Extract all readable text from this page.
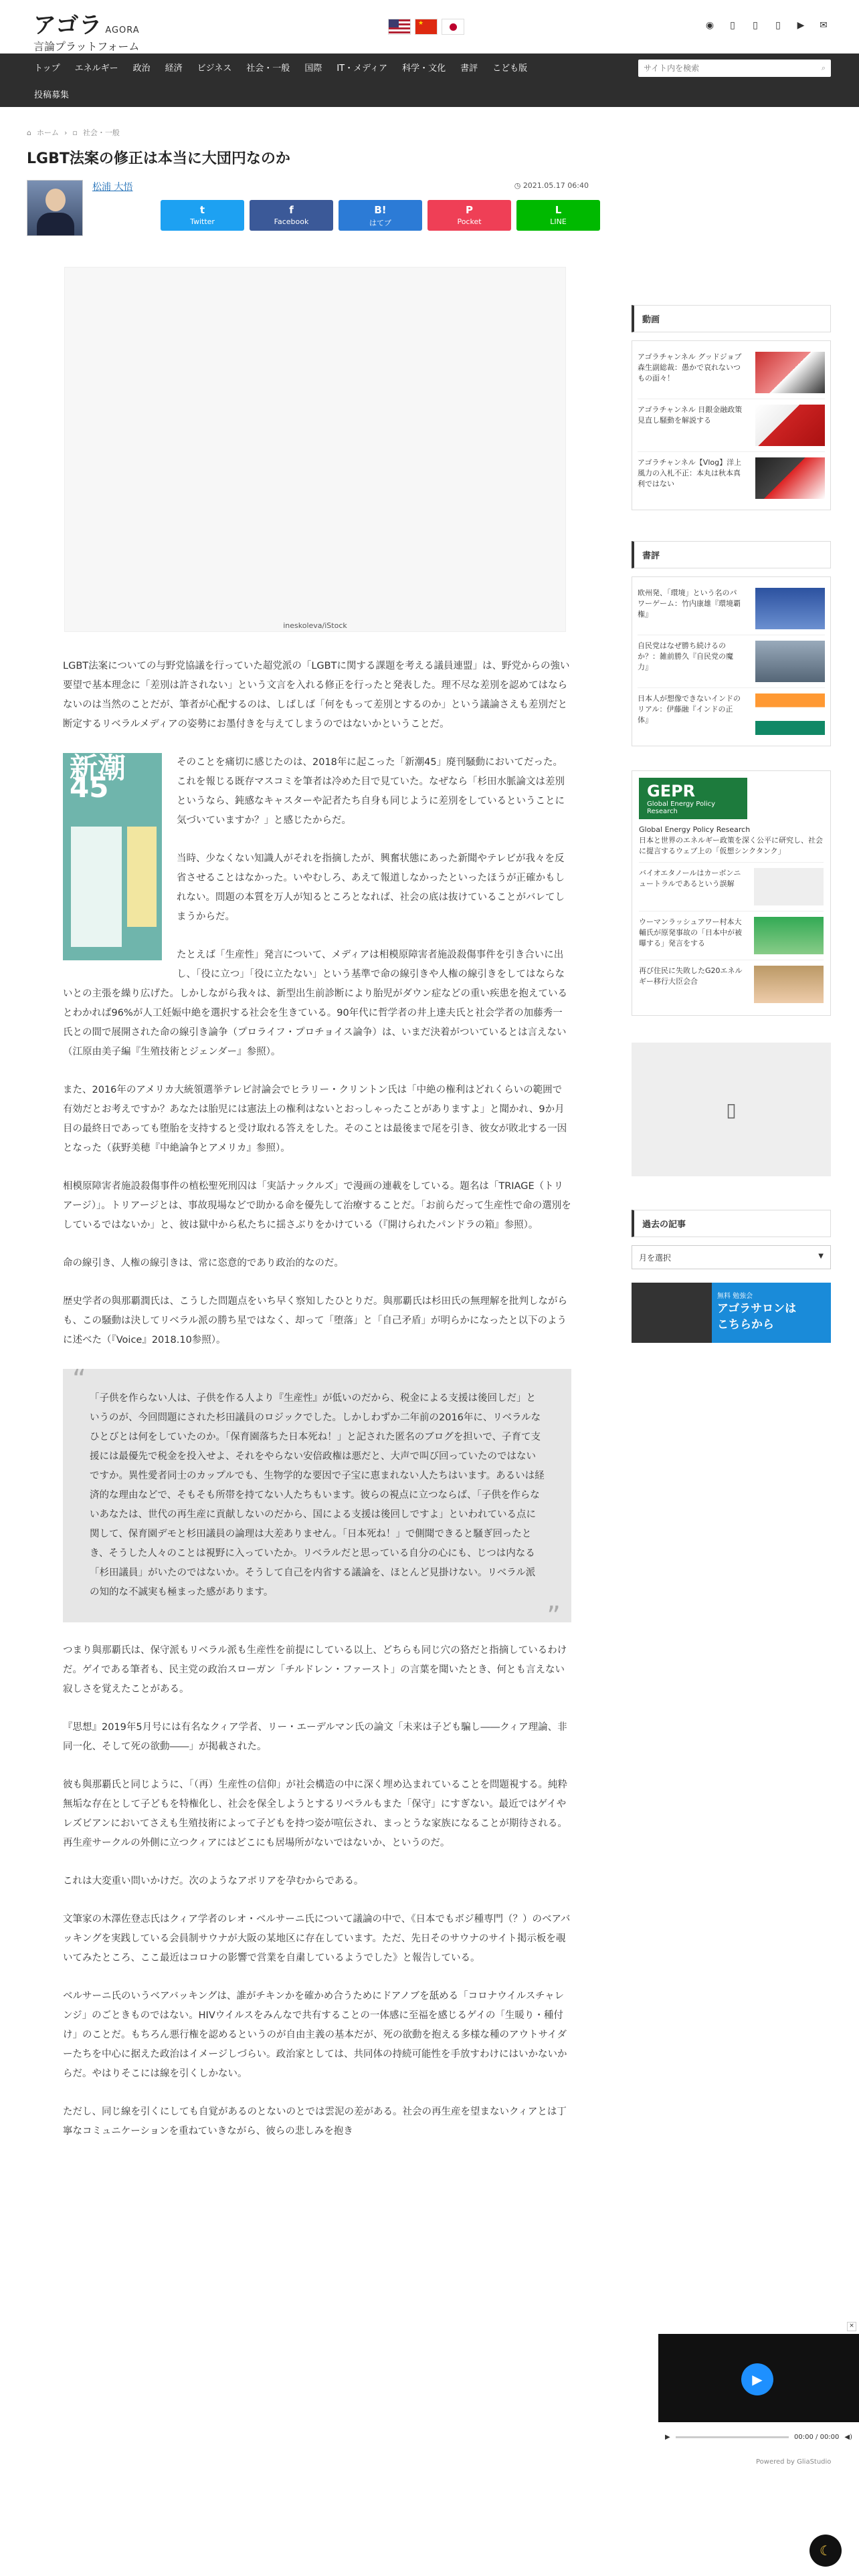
アゴラ AGORA
言論プラットフォーム
★
◉ ▯ ▯ ▯ ▶ ✉
トップ	エネルギー	政治	経済	ビジネス	社会・一般	国際	IT・メディア	科学・文化	書評	こども版
投稿募集
サイト内を検索
⌕
⌂ ホーム › ▫ 社会・一般
LGBT法案の修正は本当に大団円なのか
松浦 大悟	◷ 2021.05.17 06:40
t
Twitter
f
Facebook
B!
はてブ
P
Pocket
L
LINE
ineskoleva/iStock

LGBT法案についての与野党協議を行っていた超党派の「LGBTに関する課題を考える議員連盟」は、野党からの強い要望で基本理念に「差別は許されない」という文言を入れる修正を行ったと発表した。理不尽な差別を認めてはならないのは当然のことだが、筆者が心配するのは、しばしば「何をもって差別とするのか」という議論さえも差別だと断定するリベラルメディアの姿勢にお墨付きを与えてしまうのではないかということだ。

新潮45

そのことを痛切に感じたのは、2018年に起こった「新潮45」廃刊騒動においてだった。これを報じる既存マスコミを筆者は冷めた目で見ていた。なぜなら「杉田水脈論文は差別というなら、鈍感なキャスターや記者たち自身も同じように差別をしているということに気づいていますか？」と感じたからだ。

当時、少なくない知識人がそれを指摘したが、興奮状態にあった新聞やテレビが我々を反省させることはなかった。いやむしろ、あえて報道しなかったといったほうが正確かもしれない。問題の本質を万人が知るところとなれば、社会の底は抜けていることがバレてしまうからだ。

たとえば「生産性」発言について、メディアは相模原障害者施設殺傷事件を引き合いに出し、「役に立つ」「役に立たない」という基準で命の線引きや人権の線引きをしてはならないとの主張を繰り広げた。しかしながら我々は、新型出生前診断により胎児がダウン症などの重い疾患を抱えているとわかれば96%が人工妊娠中絶を選択する社会を生きている。90年代に哲学者の井上達夫氏と社会学者の加藤秀一氏との間で展開された命の線引き論争（プロライフ・プロチョイス論争）は、いまだ決着がついているとは言えない（江原由美子編『生殖技術とジェンダー』参照）。

また、2016年のアメリカ大統領選挙テレビ討論会でヒラリー・クリントン氏は「中絶の権利はどれくらいの範囲で有効だとお考えですか？あなたは胎児には憲法上の権利はないとおっしゃったことがありますよ」と聞かれ、9か月目の最終日であっても堕胎を支持すると受け取れる答えをした。そのことは最後まで尾を引き、彼女が敗北する一因となった（荻野美穂『中絶論争とアメリカ』参照）。

相模原障害者施設殺傷事件の植松聖死刑囚は「実話ナックルズ」で漫画の連載をしている。題名は「TRIAGE（トリアージ）」。トリアージとは、事故現場などで助かる命を優先して治療することだ。「お前らだって生産性で命の選別をしているではないか」と、彼は獄中から私たちに揺さぶりをかけている（『開けられたパンドラの箱』参照）。

命の線引き、人権の線引きは、常に恣意的であり政治的なのだ。

歴史学者の與那覇潤氏は、こうした問題点をいち早く察知したひとりだ。與那覇氏は杉田氏の無理解を批判しながらも、この騒動は決してリベラル派の勝ち星ではなく、却って「堕落」と「自己矛盾」が明らかになったと以下のように述べた（『Voice』2018.10参照）。

“
「子供を作らない人は、子供を作る人より『生産性』が低いのだから、税金による支援は後回しだ」というのが、今回問題にされた杉田議員のロジックでした。しかしわずか二年前の2016年に、リベラルなひとびとは何をしていたのか。「保育園落ちた日本死ね！」と記された匿名のブログを担いで、子育て支援には最優先で税金を投入せよ、それをやらない安倍政権は悪だと、大声で叫び回っていたのではないですか。異性愛者同士のカップルでも、生物学的な要因で子宝に恵まれない人たちはいます。あるいは経済的な理由などで、そもそも所帯を持てない人たちもいます。彼らの視点に立つならば、「子供を作らないあなたは、世代の再生産に貢献しないのだから、国による支援は後回しですよ」といわれている点に関して、保育園デモと杉田議員の論理は大差ありません。「日本死ね！」で側聞できると騒ぎ回ったとき、そうした人々のことは視野に入っていたか。リベラルだと思っている自分の心にも、じつは内なる「杉田議員」がいたのではないか。そうして自己を内省する議論を、ほとんど見掛けない。リベラル派の知的な不誠実も極まった感があります。
”

つまり與那覇氏は、保守派もリベラル派も生産性を前提にしている以上、どちらも同じ穴の狢だと指摘しているわけだ。ゲイである筆者も、民主党の政治スローガン「チルドレン・ファースト」の言葉を聞いたとき、何とも言えない寂しさを覚えたことがある。

『思想』2019年5月号には有名なクィア学者、リー・エーデルマン氏の論文「未来は子ども騙し――クィア理論、非同一化、そして死の欲動――」が掲載された。

彼も與那覇氏と同じように、「（再）生産性の信仰」が社会構造の中に深く埋め込まれていることを問題視する。純粋無垢な存在として子どもを特権化し、社会を保全しようとするリベラルもまた「保守」にすぎない。最近ではゲイやレズビアンにおいてさえも生殖技術によって子どもを持つ姿が喧伝され、まっとうな家族になることが期待される。再生産サークルの外側に立つクィアにはどこにも居場所がないではないか、というのだ。

これは大変重い問いかけだ。次のようなアポリアを孕むからである。

文筆家の木澤佐登志氏はクィア学者のレオ・ベルサーニ氏について議論の中で、《日本でもボジ種専門（？）のベアバッキングを実践している会員制サウナが大阪の某地区に存在しています。ただ、先日そのサウナのサイト掲示板を覗いてみたところ、ここ最近はコロナの影響で営業を自粛しているようでした》と報告している。

ベルサーニ氏のいうベアバッキングは、誰がチキンかを確かめ合うためにドアノブを舐める「コロナウイルスチャレンジ」のごときものではない。HIVウイルスをみんなで共有することの一体感に至福を感じるゲイの「生暖り・種付け」のことだ。もちろん悪行権を認めるというのが自由主義の基本だが、死の欲動を抱える多様な種のアウトサイダーたちを中心に据えた政治はイメージしづらい。政治家としては、共同体の持続可能性を手放すわけにはいかないからだ。やはりそこには線を引くしかない。

ただし、同じ線を引くにしても自覚があるのとないのとでは雲泥の差がある。社会の再生産を望まないクィアとは丁寧なコミュニケーションを重ねていきながら、彼らの悲しみを抱き

動画
アゴラチャンネル グッドジョブ森生副総裁：愚かで哀れないつもの面々！
アゴラチャンネル 日銀金融政策見直し騒動を解説する
アゴラチャンネル【Vlog】洋上風力の入札不正：本丸は秋本真利ではない
書評
欧州発、「環境」という名のパワーゲーム：竹内康雄『環境覇権』
自民党はなぜ勝ち続けるのか？：雑前勝久『自民党の魔力』
日本人が想像できないインドのリアル：伊藤融『インドの正体』
GEPR
Global Energy Policy Research
Global Energy Policy Research
日本と世界のエネルギー政策を深く公平に研究し、社会に提言するウェブ上の「仮想シンクタンク」
バイオエタノールはカーボンニュートラルであるという誤解
ウーマンラッシュアワー村本大輔氏が原発事故の「日本中が被曝する」発言をする
再び住民に失敗したG20エネルギー移行大臣会合
▯
過去の記事
月を選択	▼
無料 勉強会
アゴラサロンは
こちらから
×
▶
▶	00:00 / 00:00 ◀)
Powered by GliaStudio
☾
